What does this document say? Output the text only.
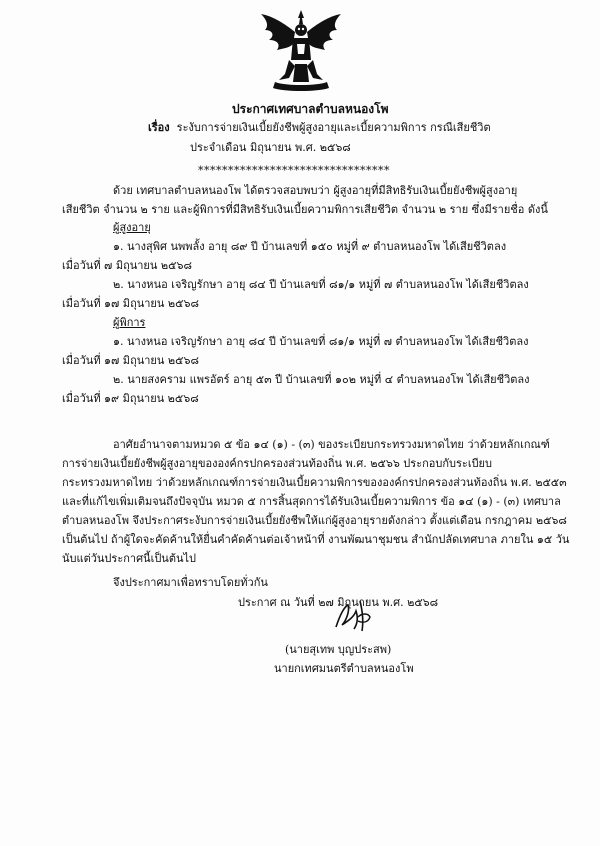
ประกาศเทศบาลตำบลหนองโพ
เรื่อง ระงับการจ่ายเงินเบี้ยยังชีพผู้สูงอายุและเบี้ยความพิการ กรณีเสียชีวิต
ประจำเดือน มิถุนายน พ.ศ. ๒๕๖๘
********************************
ด้วย เทศบาลตำบลหนองโพ ได้ตรวจสอบพบว่า ผู้สูงอายุที่มีสิทธิรับเงินเบี้ยยังชีพผู้สูงอายุ
เสียชีวิต จำนวน ๒ ราย และผู้พิการที่มีสิทธิรับเงินเบี้ยความพิการเสียชีวิต จำนวน ๒ ราย ซึ่งมีรายชื่อ ดังนี้
ผู้สูงอายุ
๑. นางสุพิศ นพพลั้ง อายุ ๘๙ ปี บ้านเลขที่ ๑๕๐ หมู่ที่ ๙ ตำบลหนองโพ ได้เสียชีวิตลง
เมื่อวันที่ ๗ มิถุนายน ๒๕๖๘
๒. นางหนอ เจริญรักษา อายุ ๘๔ ปี บ้านเลขที่ ๘๑/๑ หมู่ที่ ๗ ตำบลหนองโพ ได้เสียชีวิตลง
เมื่อวันที่ ๑๗ มิถุนายน ๒๕๖๘
ผู้พิการ
๑. นางหนอ เจริญรักษา อายุ ๘๔ ปี บ้านเลขที่ ๘๑/๑ หมู่ที่ ๗ ตำบลหนองโพ ได้เสียชีวิตลง
เมื่อวันที่ ๑๗ มิถุนายน ๒๕๖๘
๒. นายสงคราม แพรอัตร์ อายุ ๕๓ ปี บ้านเลขที่ ๑๐๒ หมู่ที่ ๔ ตำบลหนองโพ ได้เสียชีวิตลง
เมื่อวันที่ ๑๙ มิถุนายน ๒๕๖๘
อาศัยอำนาจตามหมวด ๕ ข้อ ๑๔ (๑) - (๓) ของระเบียบกระทรวงมหาดไทย ว่าด้วยหลักเกณฑ์
การจ่ายเงินเบี้ยยังชีพผู้สูงอายุขององค์กรปกครองส่วนท้องถิ่น พ.ศ. ๒๕๖๖ ประกอบกับระเบียบ
กระทรวงมหาดไทย ว่าด้วยหลักเกณฑ์การจ่ายเงินเบี้ยความพิการขององค์กรปกครองส่วนท้องถิ่น พ.ศ. ๒๕๕๓
และที่แก้ไขเพิ่มเติมจนถึงปัจจุบัน หมวด ๕ การสิ้นสุดการได้รับเงินเบี้ยความพิการ ข้อ ๑๔ (๑) - (๓) เทศบาล
ตำบลหนองโพ จึงประกาศระงับการจ่ายเงินเบี้ยยังชีพให้แก่ผู้สูงอายุรายดังกล่าว ตั้งแต่เดือน กรกฎาคม ๒๕๖๘
เป็นต้นไป ถ้าผู้ใดจะคัดค้านให้ยื่นคำคัดค้านต่อเจ้าหน้าที่ งานพัฒนาชุมชน สำนักปลัดเทศบาล ภายใน ๑๕ วัน
นับแต่วันประกาศนี้เป็นต้นไป
จึงประกาศมาเพื่อทราบโดยทั่วกัน
ประกาศ ณ วันที่ ๒๗ มิถุนายน พ.ศ. ๒๕๖๘
(นายสุเทพ บุญประสพ)
นายกเทศมนตรีตำบลหนองโพ
